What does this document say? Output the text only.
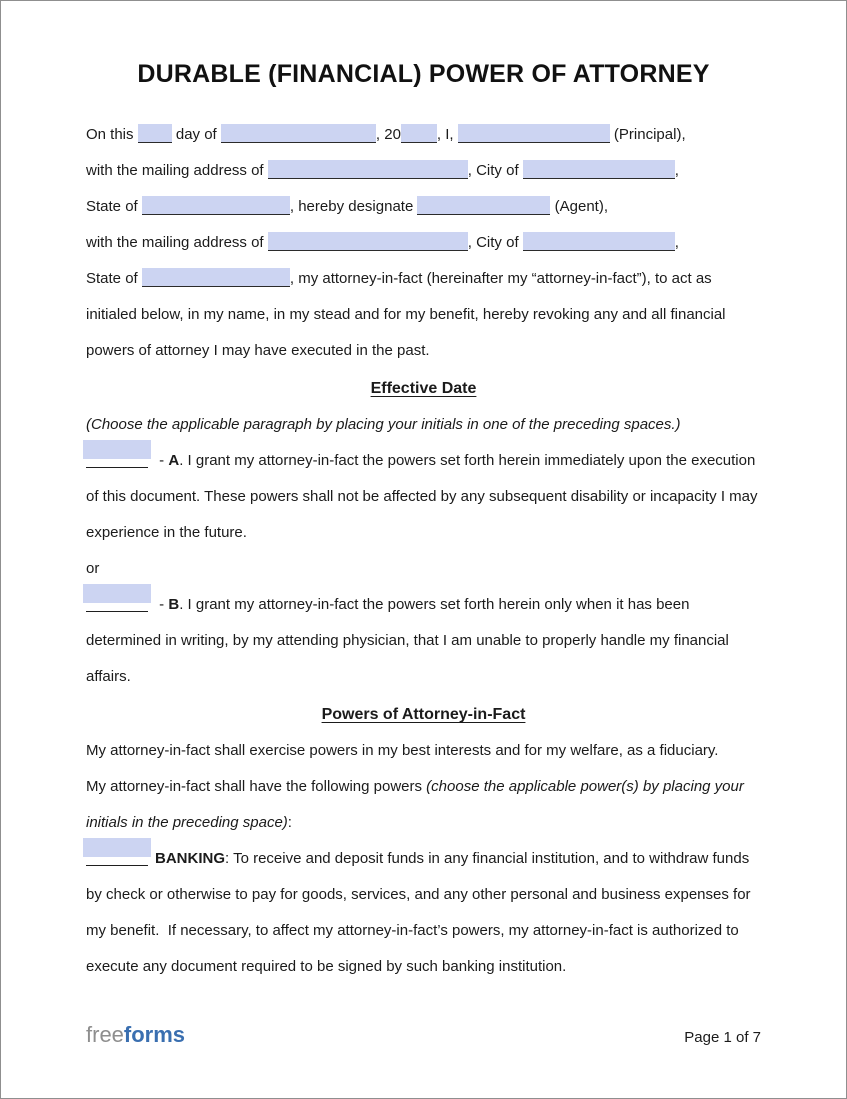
DURABLE (FINANCIAL) POWER OF ATTORNEY
On this  day of	, 20 , I,	(Principal),
with the mailing address of	, City of	,
State of	, hereby designate	(Agent),
with the mailing address of	, City of	,
State of	, my attorney-in-fact (hereinafter my “attorney-in-fact”), to act as
initialed below, in my name, in my stead and for my benefit, hereby revoking any and all financial
powers of attorney I may have executed in the past.
Effective Date
(Choose the applicable paragraph by placing your initials in one of the preceding spaces.)

- A. I grant my attorney-in-fact the powers set forth herein immediately upon the execution of this document. These powers shall not be affected by any subsequent disability or incapacity I may experience in the future.

or

- B. I grant my attorney-in-fact the powers set forth herein only when it has been determined in writing, by my attending physician, that I am unable to properly handle my financial affairs.

Powers of Attorney-in-Fact
My attorney-in-fact shall exercise powers in my best interests and for my welfare, as a fiduciary.

My attorney-in-fact shall have the following powers (choose the applicable power(s) by placing your initials in the preceding space):

BANKING: To receive and deposit funds in any financial institution, and to withdraw funds by check or otherwise to pay for goods, services, and any other personal and business expenses for my benefit.  If necessary, to affect my attorney-in-fact’s powers, my attorney-in-fact is authorized to execute any document required to be signed by such banking institution.

freeforms	Page 1 of 7
